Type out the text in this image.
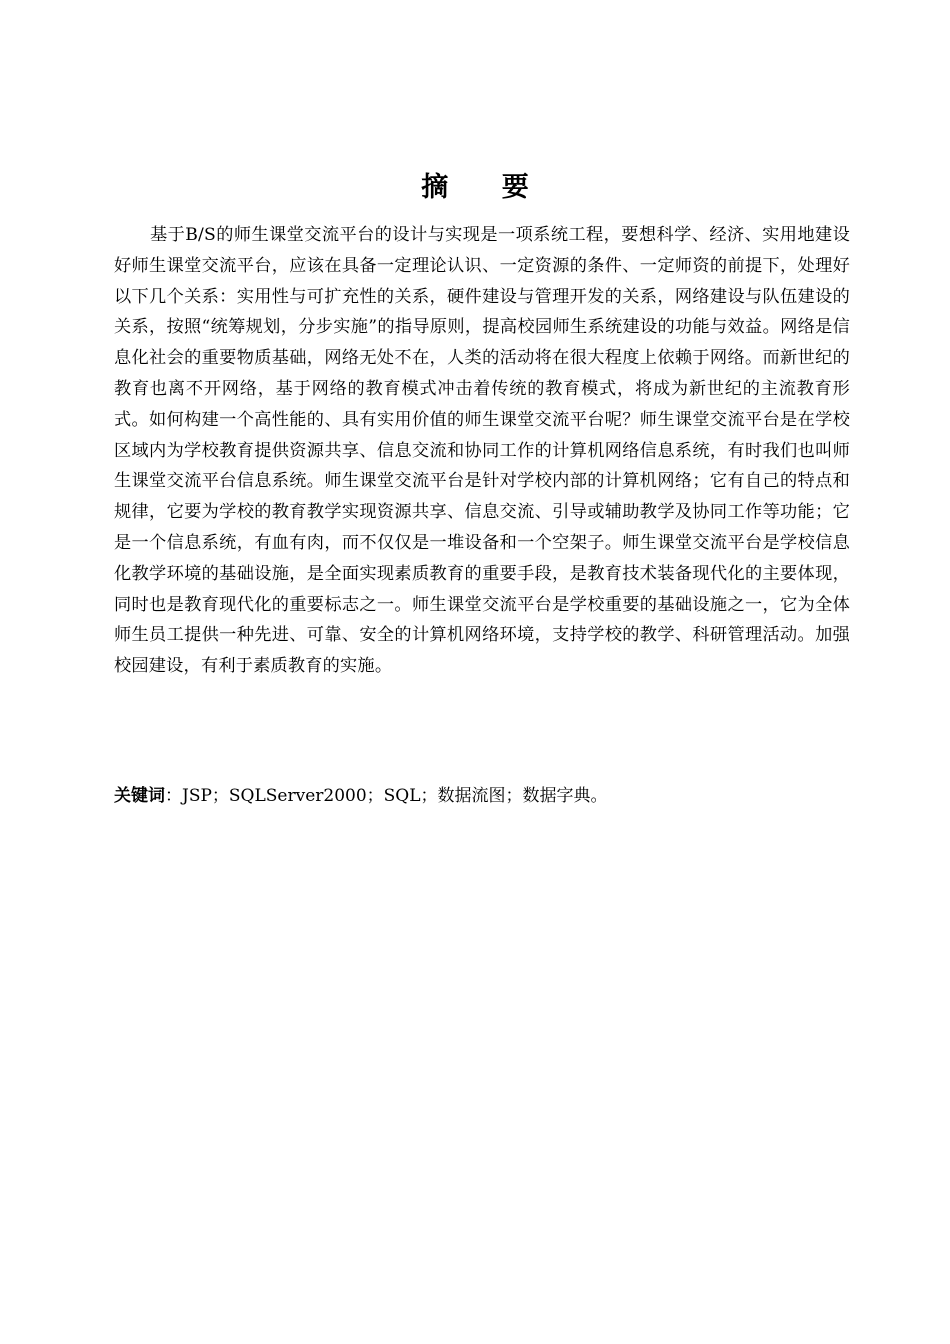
摘 要
基于B/S的师生课堂交流平台的设计与实现是一项系统工程，要想科学、经济、实用地建设好师生课堂交流平台，应该在具备一定理论认识、一定资源的条件、一定师资的前提下，处理好以下几个关系：实用性与可扩充性的关系，硬件建设与管理开发的关系，网络建设与队伍建设的关系，按照“统筹规划，分步实施”的指导原则，提高校园师生系统建设的功能与效益。网络是信息化社会的重要物质基础，网络无处不在，人类的活动将在很大程度上依赖于网络。而新世纪的教育也离不开网络，基于网络的教育模式冲击着传统的教育模式，将成为新世纪的主流教育形式。如何构建一个高性能的、具有实用价值的师生课堂交流平台呢？师生课堂交流平台是在学校区域内为学校教育提供资源共享、信息交流和协同工作的计算机网络信息系统，有时我们也叫师生课堂交流平台信息系统。师生课堂交流平台是针对学校内部的计算机网络；它有自己的特点和规律，它要为学校的教育教学实现资源共享、信息交流、引导或辅助教学及协同工作等功能；它是一个信息系统，有血有肉，而不仅仅是一堆设备和一个空架子。师生课堂交流平台是学校信息化教学环境的基础设施，是全面实现素质教育的重要手段，是教育技术装备现代化的主要体现，同时也是教育现代化的重要标志之一。师生课堂交流平台是学校重要的基础设施之一，它为全体师生员工提供一种先进、可靠、安全的计算机网络环境，支持学校的教学、科研管理活动。加强校园建设，有利于素质教育的实施。
关键词：JSP；SQLServer2000；SQL；数据流图；数据字典。
